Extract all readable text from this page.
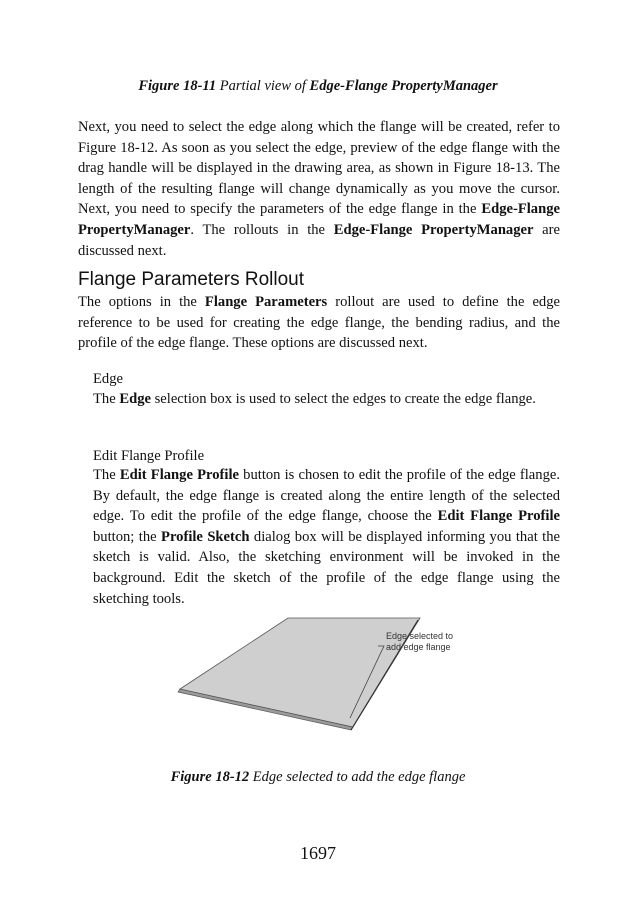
Figure 18-11 Partial view of Edge-Flange PropertyManager

Next, you need to select the edge along which the flange will be created, refer to Figure 18-12. As soon as you select the edge, preview of the edge flange with the drag handle will be displayed in the drawing area, as shown in Figure 18-13. The length of the resulting flange will change dynamically as you move the cursor. Next, you need to specify the parameters of the edge flange in the Edge-Flange PropertyManager. The rollouts in the Edge-Flange PropertyManager are discussed next.

Flange Parameters Rollout

The options in the Flange Parameters rollout are used to define the edge reference to be used for creating the edge flange, the bending radius, and the profile of the edge flange. These options are discussed next.

Edge

The Edge selection box is used to select the edges to create the edge flange.

Edit Flange Profile

The Edit Flange Profile button is chosen to edit the profile of the edge flange. By default, the edge flange is created along the entire length of the selected edge. To edit the profile of the edge flange, choose the Edit Flange Profile button; the Profile Sketch dialog box will be displayed informing you that the sketch is valid. Also, the sketching environment will be invoked in the background. Edit the sketch of the profile of the edge flange using the sketching tools.

Edge selected to
add edge flange
Figure 18-12 Edge selected to add the edge flange
1697
